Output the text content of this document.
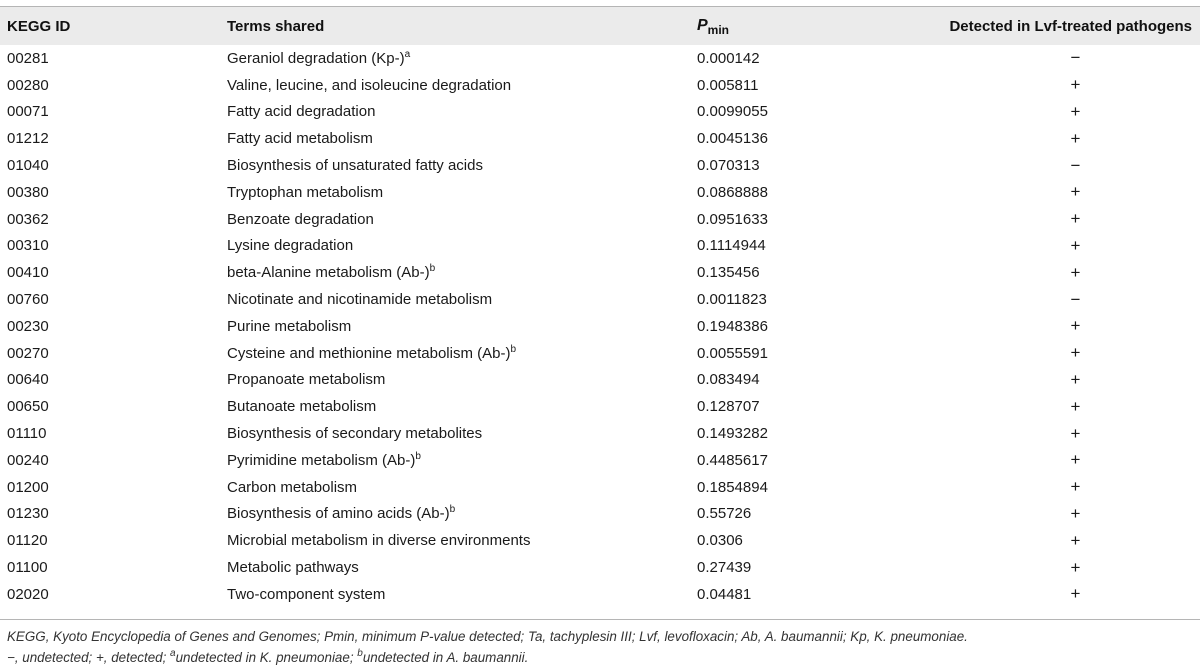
KEGG ID	Terms shared	$P_{min}$	Detected in Lvf-treated pathogens
00281	Geraniol degradation $(Kp-)^a$	0.000142	−
00280	Valine, leucine, and isoleucine degradation	0.005811	+
00071	Fatty acid degradation	0.0099055	+
01212	Fatty acid metabolism	0.0045136	+
01040	Biosynthesis of unsaturated fatty acids	0.070313	−
00380	Tryptophan metabolism	0.0868888	+
00362	Benzoate degradation	0.0951633	+
00310	Lysine degradation	0.1114944	+
00410	beta-Alanine metabolism $(Ab-)^b$	0.135456	+
00760	Nicotinate and nicotinamide metabolism	0.0011823	−
00230	Purine metabolism	0.1948386	+
00270	Cysteine and methionine metabolism $(Ab-)^b$	0.0055591	+
00640	Propanoate metabolism	0.083494	+
00650	Butanoate metabolism	0.128707	+
01110	Biosynthesis of secondary metabolites	0.1493282	+
00240	Pyrimidine metabolism $(Ab-)^b$	0.4485617	+
01200	Carbon metabolism	0.1854894	+
01230	Biosynthesis of amino acids $(Ab-)^b$	0.55726	+
01120	Microbial metabolism in diverse environments	0.0306	+
01100	Metabolic pathways	0.27439	+
02020	Two-component system	0.04481	+
KEGG, Kyoto Encyclopedia of Genes and Genomes; Pmin, minimum P-value detected; Ta, tachyplesin III; Lvf, levofloxacin; Ab, A. baumannii; Kp, K. pneumoniae.
−, undetected; +, detected; $^a$undetected in K. pneumoniae; $^b$undetected in A. baumannii.
